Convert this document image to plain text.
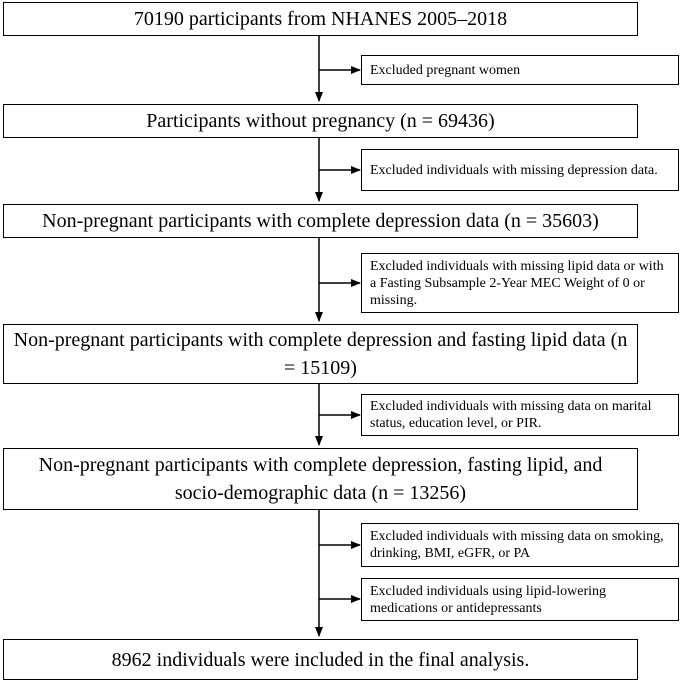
70190 participants from NHANES 2005–2018
Participants without pregnancy (n = 69436)
Non-pregnant participants with complete depression data (n = 35603)
Non-pregnant participants with complete depression and fasting lipid data (n = 15109)
Non-pregnant participants with complete depression, fasting lipid, and socio-demographic data (n = 13256)
8962 individuals were included in the final analysis.
Excluded pregnant women
Excluded individuals with missing depression data.
Excluded individuals with missing lipid data or with a Fasting Subsample 2-Year MEC Weight of 0 or missing.
Excluded individuals with missing data on marital status, education level, or PIR.
Excluded individuals with missing data on smoking, drinking, BMI, eGFR, or PA
Excluded individuals using lipid-lowering medications or antidepressants
